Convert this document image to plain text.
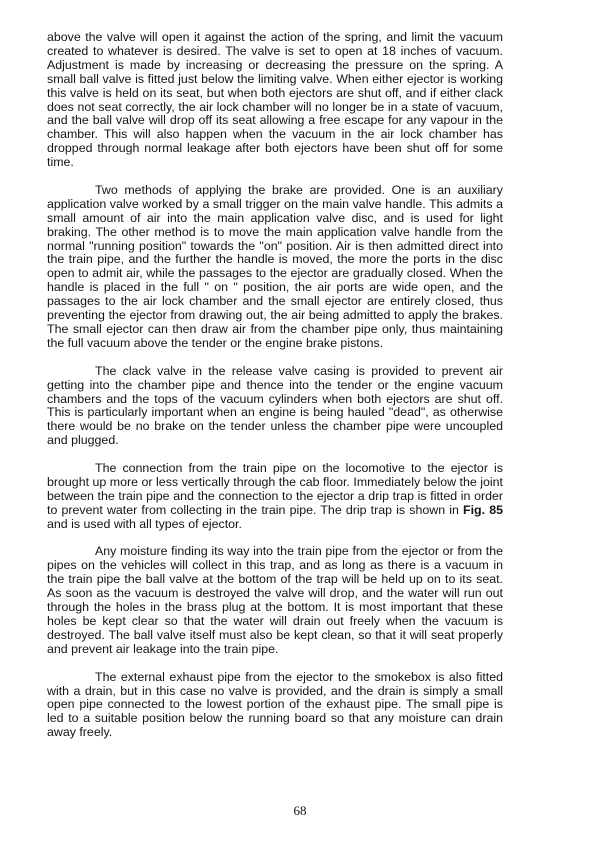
above the valve will open it against the action of the spring, and limit the vacuum created to whatever is desired. The valve is set to open at 18 inches of vacuum. Adjustment is made by increasing or decreasing the pressure on the spring. A small ball valve is fitted just below the limiting valve. When either ejector is working this valve is held on its seat, but when both ejectors are shut off, and if either clack does not seat correctly, the air lock chamber will no longer be in a state of vacuum, and the ball valve will drop off its seat allowing a free escape for any vapour in the chamber. This will also happen when the vacuum in the air lock chamber has dropped through normal leakage after both ejectors have been shut off for some time.

Two methods of applying the brake are provided. One is an auxiliary application valve worked by a small trigger on the main valve handle. This admits a small amount of air into the main application valve disc, and is used for light braking. The other method is to move the main application valve handle from the normal "running position" towards the "on" position. Air is then admitted direct into the train pipe, and the further the handle is moved, the more the ports in the disc open to admit air, while the passages to the ejector are gradually closed. When the handle is placed in the full " on " position, the air ports are wide open, and the passages to the air lock chamber and the small ejector are entirely closed, thus preventing the ejector from drawing out, the air being admitted to apply the brakes. The small ejector can then draw air from the chamber pipe only, thus maintaining the full vacuum above the tender or the engine brake pistons.

The clack valve in the release valve casing is provided to prevent air getting into the chamber pipe and thence into the tender or the engine vacuum chambers and the tops of the vacuum cylinders when both ejectors are shut off. This is particularly important when an engine is being hauled "dead", as otherwise there would be no brake on the tender unless the chamber pipe were uncoupled and plugged.

The connection from the train pipe on the locomotive to the ejector is brought up more or less vertically through the cab floor. Immediately below the joint between the train pipe and the connection to the ejector a drip trap is fitted in order to prevent water from collecting in the train pipe. The drip trap is shown in Fig. 85 and is used with all types of ejector.

Any moisture finding its way into the train pipe from the ejector or from the pipes on the vehicles will collect in this trap, and as long as there is a vacuum in the train pipe the ball valve at the bottom of the trap will be held up on to its seat. As soon as the vacuum is destroyed the valve will drop, and the water will run out through the holes in the brass plug at the bottom. It is most important that these holes be kept clear so that the water will drain out freely when the vacuum is destroyed. The ball valve itself must also be kept clean, so that it will seat properly and prevent air leakage into the train pipe.

The external exhaust pipe from the ejector to the smokebox is also fitted with a drain, but in this case no valve is provided, and the drain is simply a small open pipe connected to the lowest portion of the exhaust pipe. The small pipe is led to a suitable position below the running board so that any moisture can drain away freely.

68
